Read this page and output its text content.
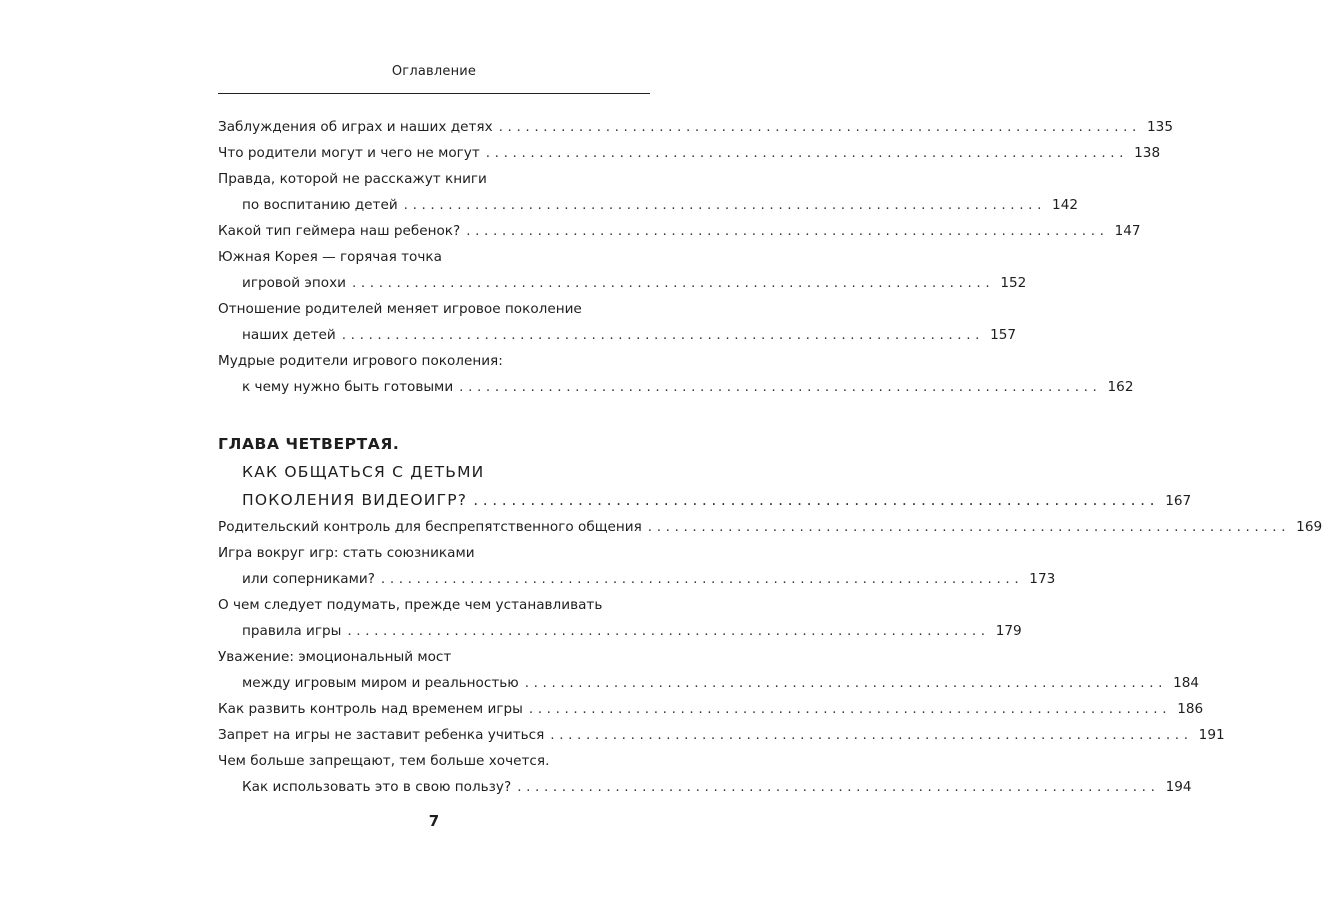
Оглавление
Заблуждения об играх и наших детях ........................................................................ 135
Что родители могут и чего не могут ........................................................................ 138
Правда, которой не расскажут книги
по воспитанию детей ........................................................................ 142
Какой тип геймера наш ребенок? ........................................................................ 147
Южная Корея — горячая точка
игровой эпохи ........................................................................ 152
Отношение родителей меняет игровое поколение
наших детей ........................................................................ 157
Мудрые родители игрового поколения:
к чему нужно быть готовыми ........................................................................ 162
ГЛАВА ЧЕТВЕРТАЯ.
КАК ОБЩАТЬСЯ С ДЕТЬМИ
ПОКОЛЕНИЯ ВИДЕОИГР? ........................................................................ 167
Родительский контроль для беспрепятственного общения ........................................................................ 169
Игра вокруг игр: стать союзниками
или соперниками? ........................................................................ 173
О чем следует подумать, прежде чем устанавливать
правила игры ........................................................................ 179
Уважение: эмоциональный мост
между игровым миром и реальностью ........................................................................ 184
Как развить контроль над временем игры ........................................................................ 186
Запрет на игры не заставит ребенка учиться ........................................................................ 191
Чем больше запрещают, тем больше хочется.
Как использовать это в свою пользу? ........................................................................ 194
7
